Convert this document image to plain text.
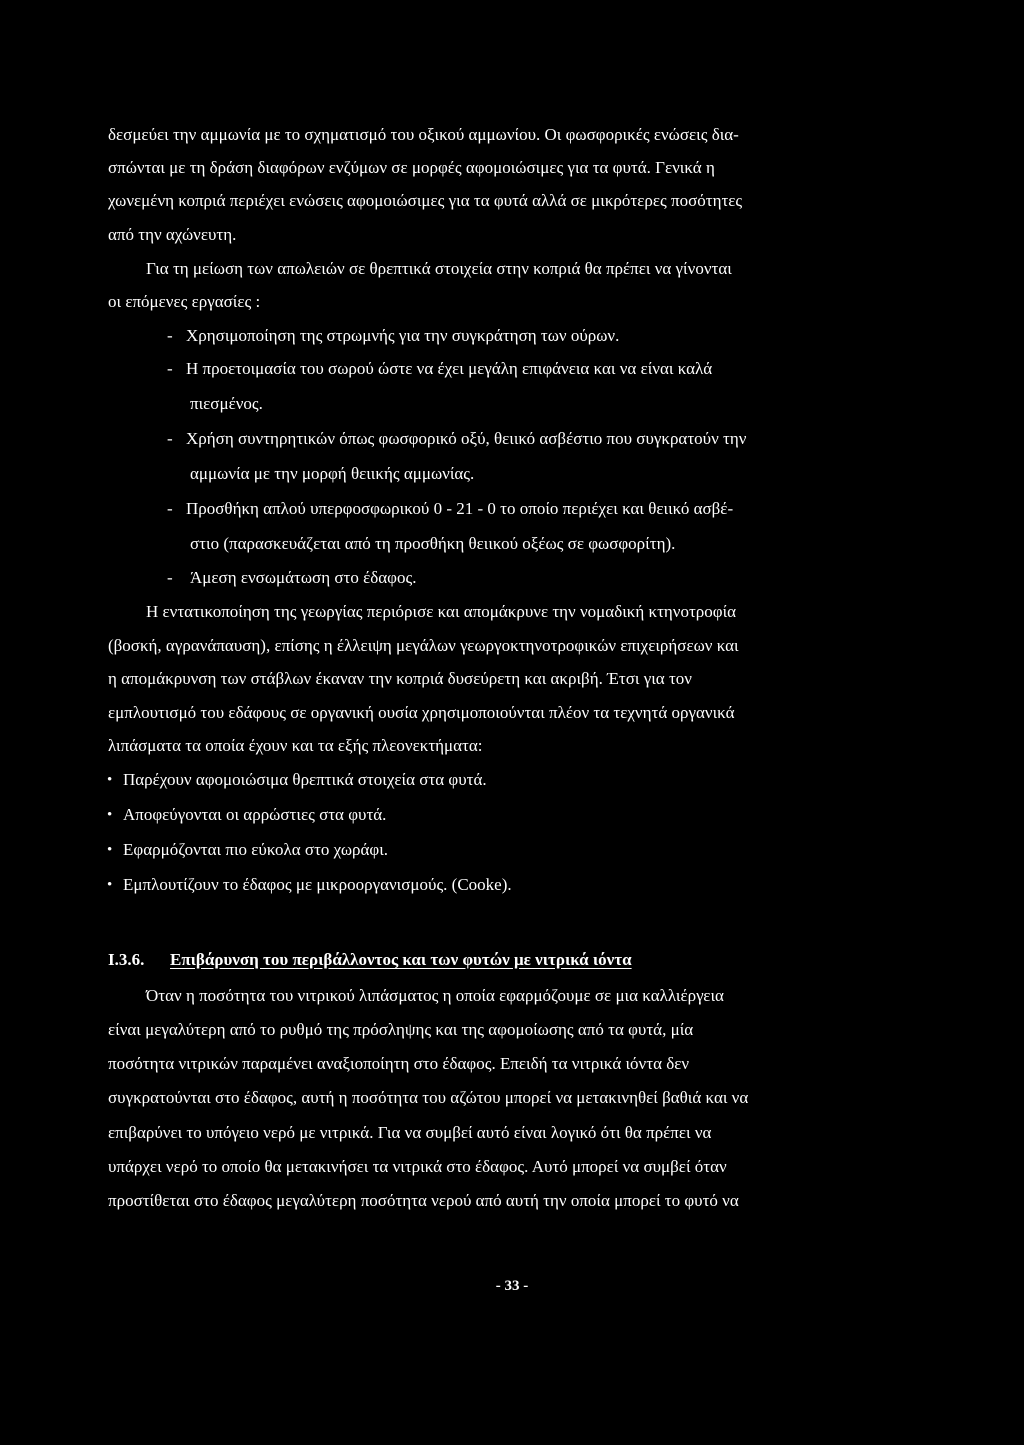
δεσμεύει την αμμωνία με το σχηματισμό του οξικού αμμωνίου. Οι φωσφορικές ενώσεις δια-
σπώνται με τη δράση διαφόρων ενζύμων σε μορφές αφομοιώσιμες για τα φυτά. Γενικά η
χωνεμένη κοπριά περιέχει ενώσεις αφομοιώσιμες για τα φυτά αλλά σε μικρότερες ποσότητες
από την αχώνευτη.
Για τη μείωση των απωλειών σε θρεπτικά στοιχεία στην κοπριά θα πρέπει να γίνονται
οι επόμενες εργασίες :
- Χρησιμοποίηση της στρωμνής για την συγκράτηση των ούρων.
- Η προετοιμασία του σωρού ώστε να έχει μεγάλη επιφάνεια και να είναι καλά
πιεσμένος.
- Χρήση συντηρητικών όπως φωσφορικό οξύ, θειικό ασβέστιο που συγκρατούν την
αμμωνία με την μορφή θειικής αμμωνίας.
- Προσθήκη απλού υπερφοσφωρικού 0 - 21 - 0 το οποίο περιέχει και θειικό ασβέ-
στιο (παρασκευάζεται από τη προσθήκη θειικού οξέως σε φωσφορίτη).
- Άμεση ενσωμάτωση στο έδαφος.
Η εντατικοποίηση της γεωργίας περιόρισε και απομάκρυνε την νομαδική κτηνοτροφία
(βοσκή, αγρανάπαυση), επίσης η έλλειψη μεγάλων γεωργοκτηνοτροφικών επιχειρήσεων και
η απομάκρυνση των στάβλων έκαναν την κοπριά δυσεύρετη και ακριβή. Έτσι για τον
εμπλουτισμό του εδάφους σε οργανική ουσία χρησιμοποιούνται πλέον τα τεχνητά οργανικά
λιπάσματα τα οποία έχουν και τα εξής πλεονεκτήματα:
• Παρέχουν αφομοιώσιμα θρεπτικά στοιχεία στα φυτά.
• Αποφεύγονται οι αρρώστιες στα φυτά.
• Εφαρμόζονται πιο εύκολα στο χωράφι.
• Εμπλουτίζουν το έδαφος με μικροοργανισμούς. (Cooke).
Ι.3.6. Επιβάρυνση του περιβάλλοντος και των φυτών με νιτρικά ιόντα
Όταν η ποσότητα του νιτρικού λιπάσματος η οποία εφαρμόζουμε σε μια καλλιέργεια
είναι μεγαλύτερη από το ρυθμό της πρόσληψης και της αφομοίωσης από τα φυτά, μία
ποσότητα νιτρικών παραμένει αναξιοποίητη στο έδαφος. Επειδή τα νιτρικά ιόντα δεν
συγκρατούνται στο έδαφος, αυτή η ποσότητα του αζώτου μπορεί να μετακινηθεί βαθιά και να
επιβαρύνει το υπόγειο νερό με νιτρικά. Για να συμβεί αυτό είναι λογικό ότι θα πρέπει να
υπάρχει νερό το οποίο θα μετακινήσει τα νιτρικά στο έδαφος. Αυτό μπορεί να συμβεί όταν
προστίθεται στο έδαφος μεγαλύτερη ποσότητα νερού από αυτή την οποία μπορεί το φυτό να
- 33 -
